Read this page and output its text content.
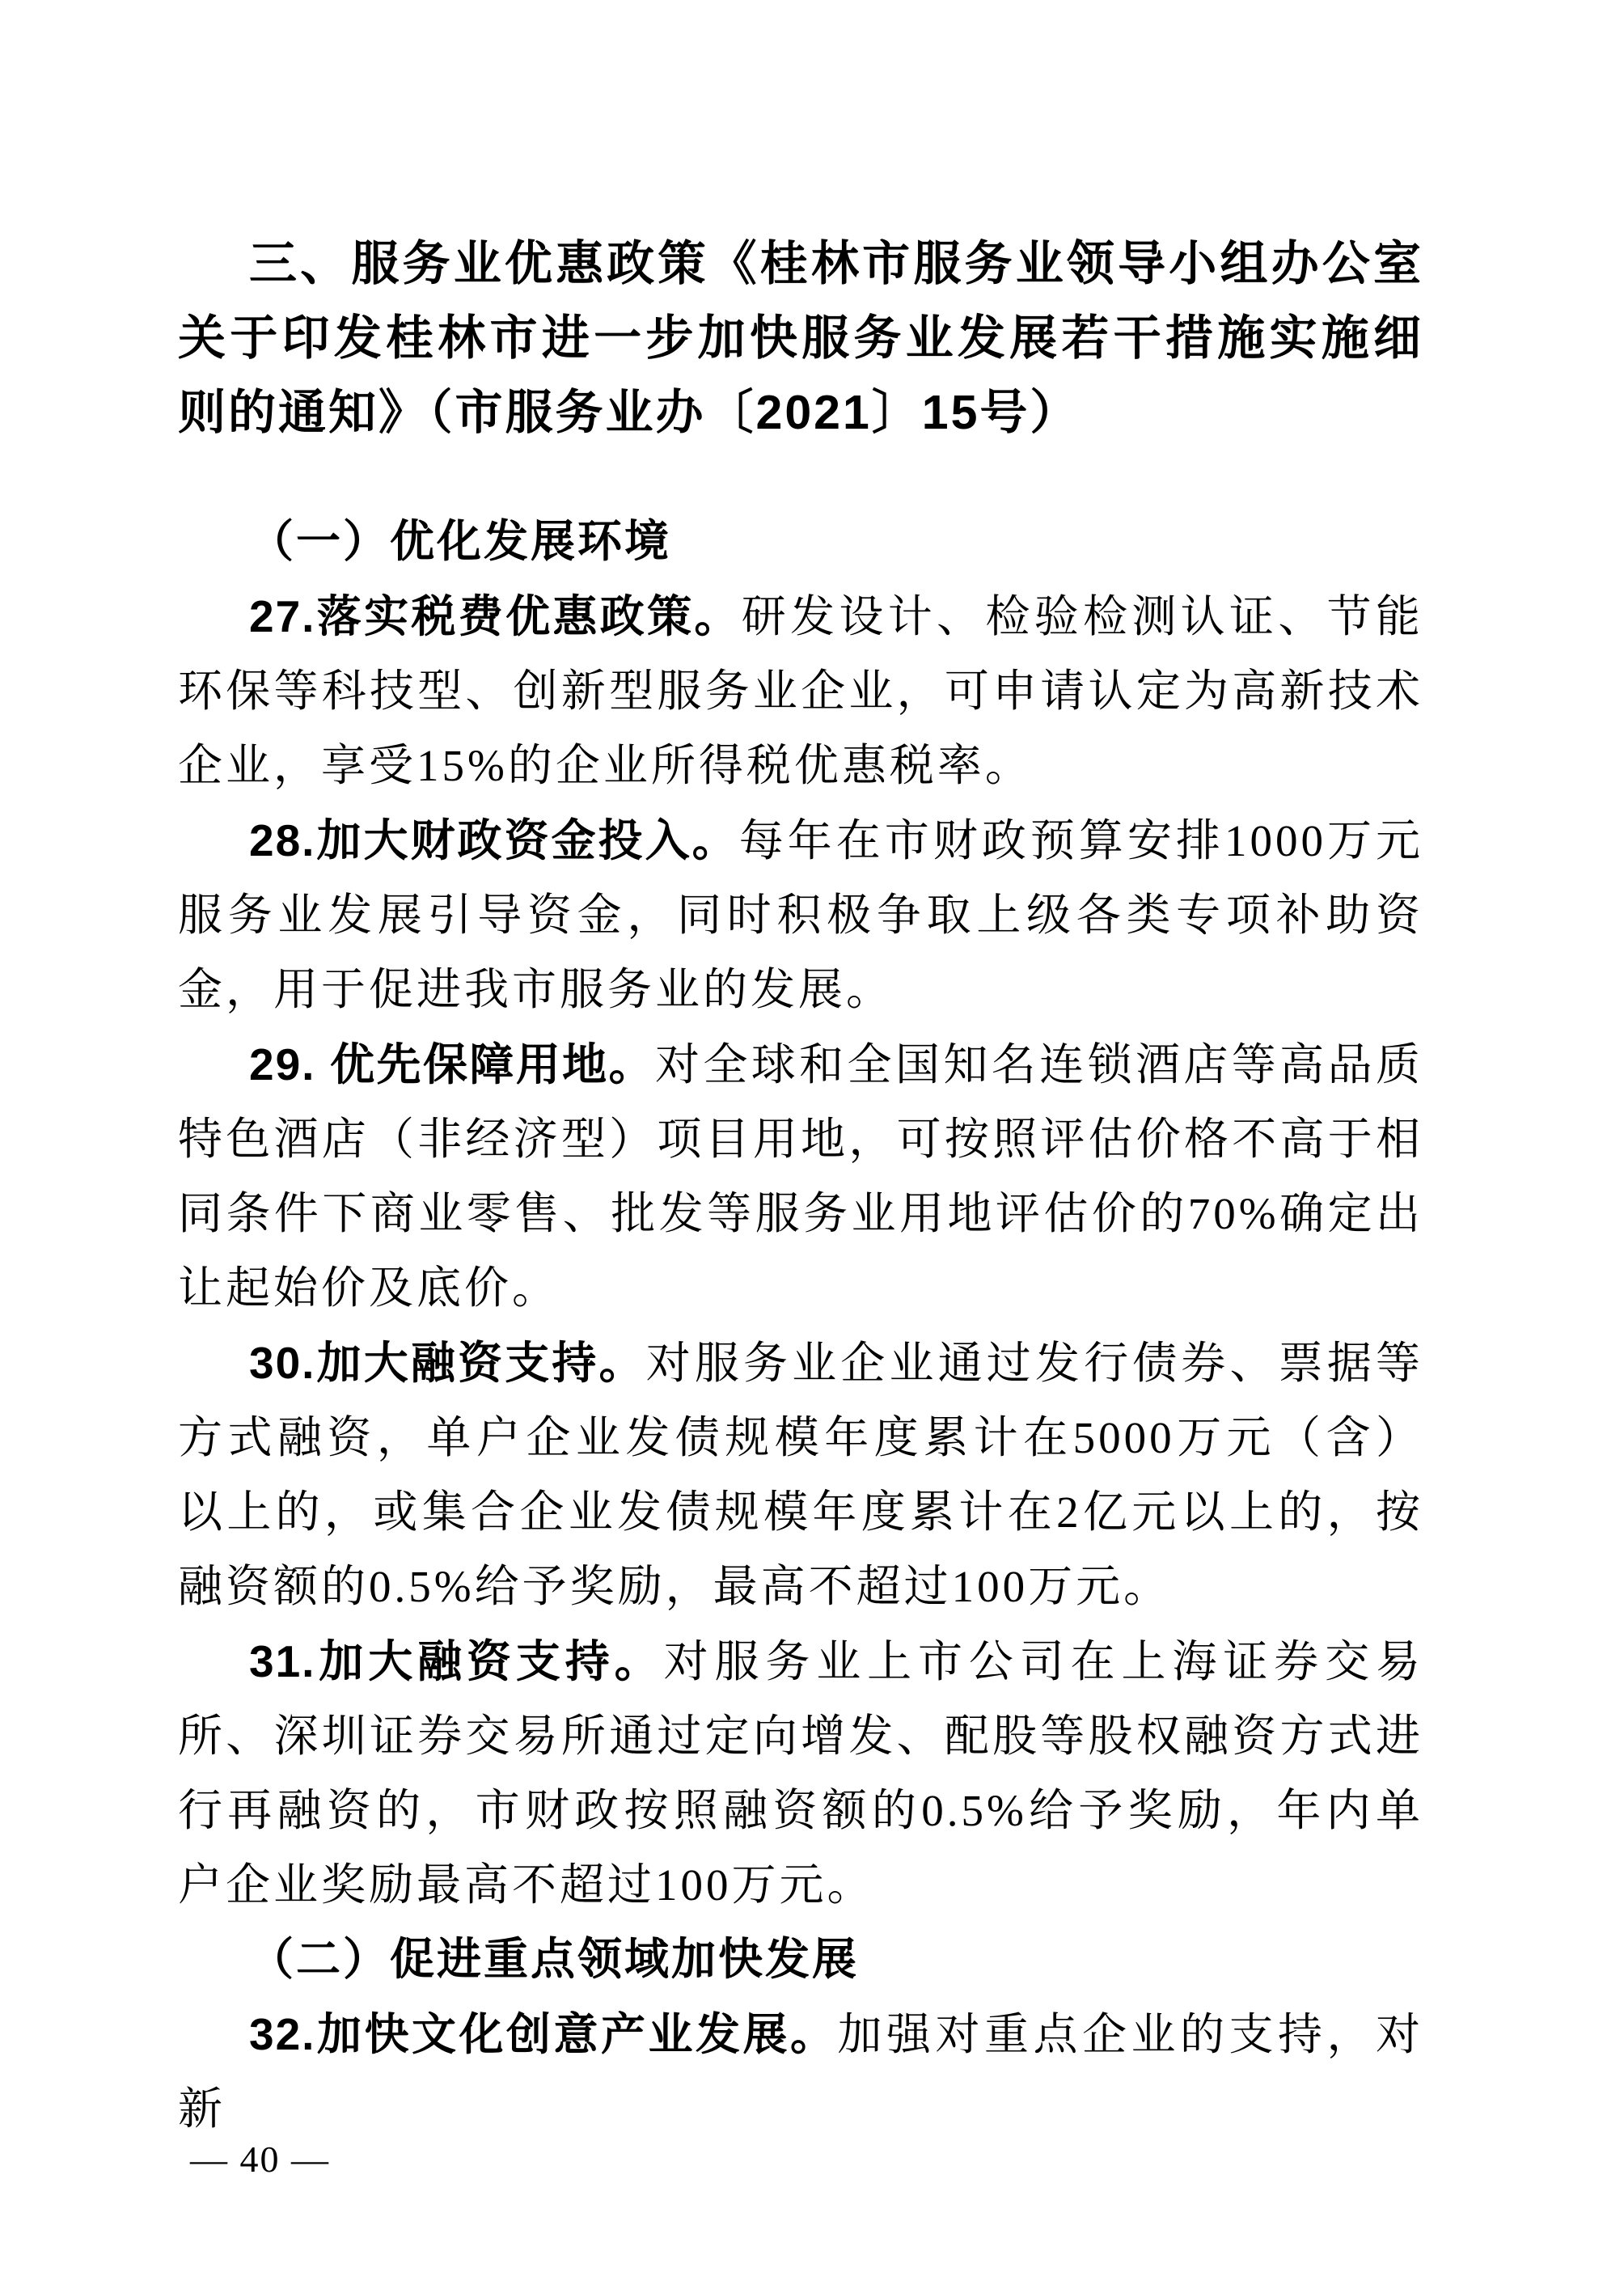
三、服务业优惠政策《桂林市服务业领导小组办公室关于印发桂林市进一步加快服务业发展若干措施实施细则的通知》（市服务业办〔2021〕15号）
（一）优化发展环境

27.落实税费优惠政策。研发设计、检验检测认证、节能环保等科技型、创新型服务业企业，可申请认定为高新技术企业，享受15%的企业所得税优惠税率。

28.加大财政资金投入。每年在市财政预算安排1000万元服务业发展引导资金，同时积极争取上级各类专项补助资金，用于促进我市服务业的发展。

29. 优先保障用地。对全球和全国知名连锁酒店等高品质特色酒店（非经济型）项目用地，可按照评估价格不高于相同条件下商业零售、批发等服务业用地评估价的70%确定出让起始价及底价。

30.加大融资支持。对服务业企业通过发行债券、票据等方式融资，单户企业发债规模年度累计在5000万元（含）以上的，或集合企业发债规模年度累计在2亿元以上的，按融资额的0.5%给予奖励，最高不超过100万元。

31.加大融资支持。对服务业上市公司在上海证券交易所、深圳证券交易所通过定向增发、配股等股权融资方式进行再融资的，市财政按照融资额的0.5%给予奖励，年内单户企业奖励最高不超过100万元。

（二）促进重点领域加快发展

32.加快文化创意产业发展。加强对重点企业的支持，对新

— 40 —
